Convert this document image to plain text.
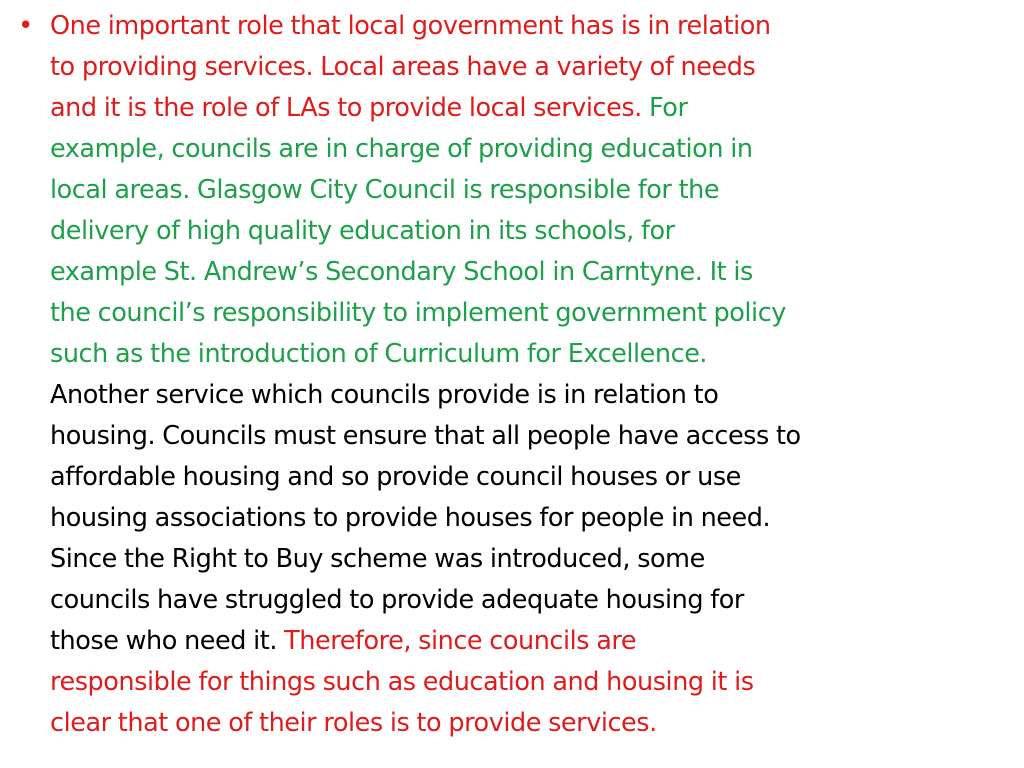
• One important role that local government has is in relation
to providing services. Local areas have a variety of needs
and it is the role of LAs to provide local services. For
example, councils are in charge of providing education in
local areas. Glasgow City Council is responsible for the
delivery of high quality education in its schools, for
example St. Andrew’s Secondary School in Carntyne. It is
the council’s responsibility to implement government policy
such as the introduction of Curriculum for Excellence.
Another service which councils provide is in relation to
housing. Councils must ensure that all people have access to
affordable housing and so provide council houses or use
housing associations to provide houses for people in need.
Since the Right to Buy scheme was introduced, some
councils have struggled to provide adequate housing for
those who need it. Therefore, since councils are
responsible for things such as education and housing it is
clear that one of their roles is to provide services.
